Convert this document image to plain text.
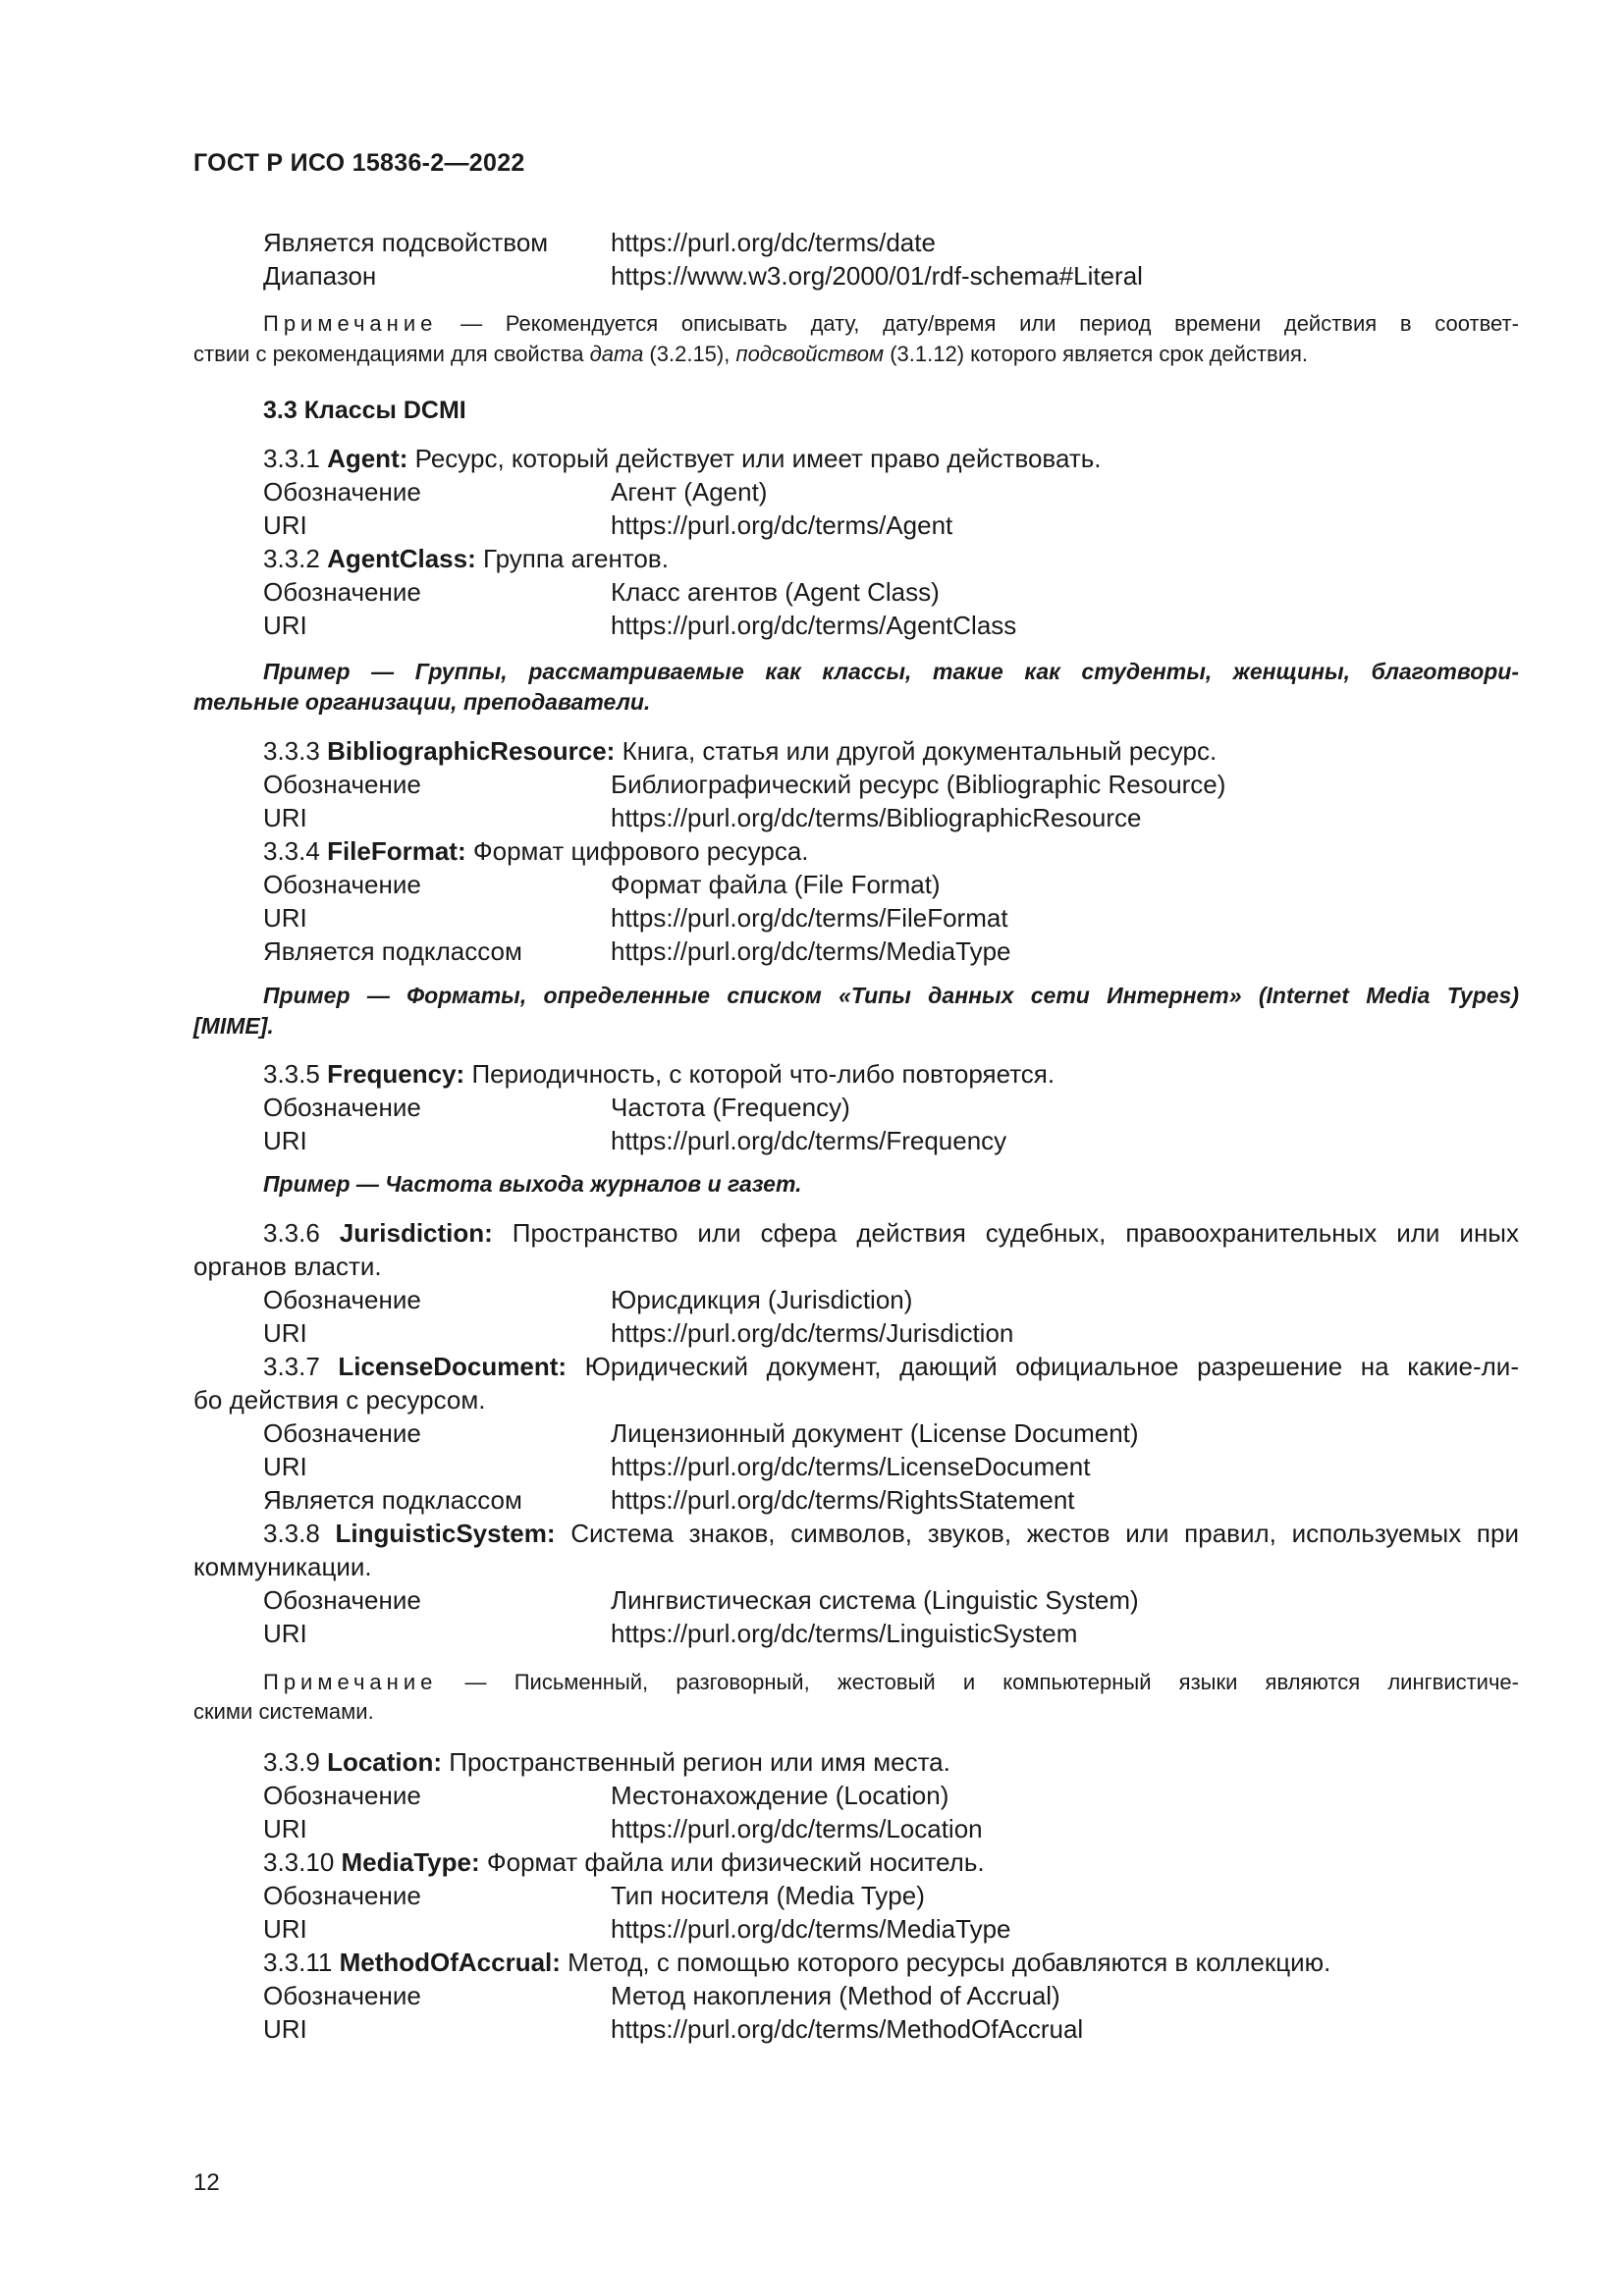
ГОСТ Р ИСО 15836-2—2022
Является подсвойством https://purl.org/dc/terms/date
Диапазон	https://www.w3.org/2000/01/rdf-schema#Literal
Примечание — Рекомендуется описывать дату, дату/время или период времени действия в соответ-
ствии с рекомендациями для свойства дата (3.2.15), подсвойством (3.1.12) которого является срок действия.
3.3 Классы DCMI
3.3.1 Agent: Ресурс, который действует или имеет право действовать.
Обозначение	Агент (Agent)
URI	https://purl.org/dc/terms/Agent
3.3.2 AgentClass: Группа агентов.
Обозначение	Класс агентов (Agent Class)
URI	https://purl.org/dc/terms/AgentClass
Пример — Группы, рассматриваемые как классы, такие как студенты, женщины, благотвори-
тельные организации, преподаватели.
3.3.3 BibliographicResource: Книга, статья или другой документальный ресурс.
Обозначение	Библиографический ресурс (Bibliographic Resource)
URI	https://purl.org/dc/terms/BibliographicResource
3.3.4 FileFormat: Формат цифрового ресурса.
Обозначение	Формат файла (File Format)
URI	https://purl.org/dc/terms/FileFormat
Является подклассом	https://purl.org/dc/terms/MediaType
Пример — Форматы, определенные списком «Типы данных сети Интернет» (Internet Media Types)
[MIME].
3.3.5 Frequency: Периодичность, с которой что-либо повторяется.
Обозначение	Частота (Frequency)
URI	https://purl.org/dc/terms/Frequency
Пример — Частота выхода журналов и газет.
3.3.6 Jurisdiction: Пространство или сфера действия судебных, правоохранительных или иных
органов власти.
Обозначение	Юрисдикция (Jurisdiction)
URI	https://purl.org/dc/terms/Jurisdiction
3.3.7 LicenseDocument: Юридический документ, дающий официальное разрешение на какие-ли-
бо действия с ресурсом.
Обозначение	Лицензионный документ (License Document)
URI	https://purl.org/dc/terms/LicenseDocument
Является подклассом	https://purl.org/dc/terms/RightsStatement
3.3.8 LinguisticSystem: Система знаков, символов, звуков, жестов или правил, используемых при
коммуникации.
Обозначение	Лингвистическая система (Linguistic System)
URI	https://purl.org/dc/terms/LinguisticSystem
Примечание — Письменный, разговорный, жестовый и компьютерный языки являются лингвистиче-
скими системами.
3.3.9 Location: Пространственный регион или имя места.
Обозначение	Местонахождение (Location)
URI	https://purl.org/dc/terms/Location
3.3.10 MediaType: Формат файла или физический носитель.
Обозначение	Тип носителя (Media Type)
URI	https://purl.org/dc/terms/MediaType
3.3.11 MethodOfAccrual: Метод, с помощью которого ресурсы добавляются в коллекцию.
Обозначение	Метод накопления (Method of Accrual)
URI	https://purl.org/dc/terms/MethodOfAccrual
12
